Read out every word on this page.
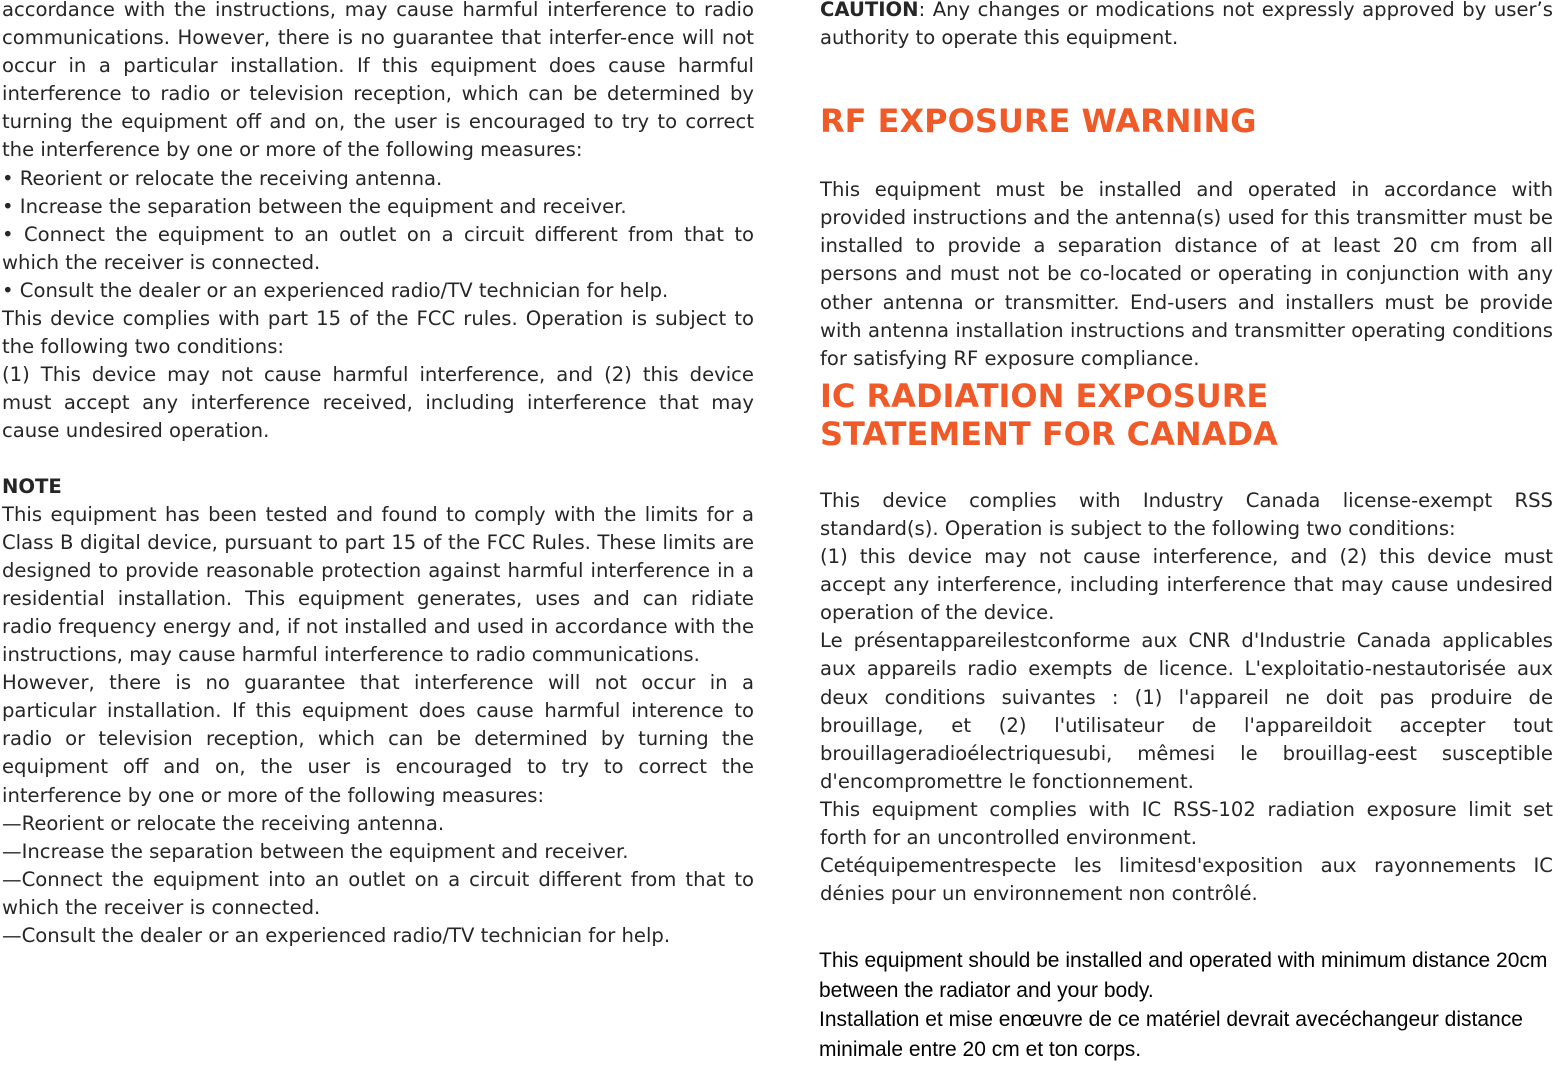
accordance with the instructions, may cause harmful interference to radio communications. However, there is no guarantee that interfer-ence will not occur in a particular installation. If this equipment does cause harmful interference to radio or television reception, which can be determined by turning the equipment off and on, the user is encouraged to try to correct the interference by one or more of the following measures:

• Reorient or relocate the receiving antenna.

• Increase the separation between the equipment and receiver.

• Connect the equipment to an outlet on a circuit different from that to which the receiver is connected.

• Consult the dealer or an experienced radio/TV technician for help.

This device complies with part 15 of the FCC rules. Operation is subject to the following two conditions:

(1) This device may not cause harmful interference, and (2) this device must accept any interference received, including interference that may cause undesired operation.

NOTE

This equipment has been tested and found to comply with the limits for a Class B digital device, pursuant to part 15 of the FCC Rules. These limits are designed to provide reasonable protection against harmful interference in a residential installation. This equipment generates, uses and can ridiate radio frequency energy and, if not installed and used in accordance with the instructions, may cause harmful interference to radio communications.

However, there is no guarantee that interference will not occur in a particular installation. If this equipment does cause harmful interence to radio or television reception, which can be determined by turning the equipment off and on, the user is encouraged to try to correct the interference by one or more of the following measures:

—Reorient or relocate the receiving antenna.

—Increase the separation between the equipment and receiver.

—Connect the equipment into an outlet on a circuit different from that to which the receiver is connected.

—Consult the dealer or an experienced radio/TV technician for help.

CAUTION: Any changes or modications not expressly approved by user’s authority to operate this equipment.

RF EXPOSURE WARNING

This equipment must be installed and operated in accordance with provided instructions and the antenna(s) used for this transmitter must be installed to provide a separation distance of at least 20 cm from all persons and must not be co-located or operating in conjunction with any other antenna or transmitter. End-users and installers must be provide with antenna installation instructions and transmitter operating conditions for satisfying RF exposure compliance.

IC RADIATION EXPOSURE

STATEMENT FOR CANADA

This device complies with Industry Canada license-exempt RSS standard(s). Operation is subject to the following two conditions:

(1) this device may not cause interference, and (2) this device must accept any interference, including interference that may cause undesired operation of the device.

Le présentappareilestconforme aux CNR d'Industrie Canada applicables aux appareils radio exempts de licence. L'exploitatio-nestautorisée aux deux conditions suivantes : (1) l'appareil ne doit pas produire de brouillage, et (2) l'utilisateur de l'appareildoit accepter tout brouillageradioélectriquesubi, mêmesi le brouillag-eest susceptible d'encompromettre le fonctionnement.

This equipment complies with IC RSS-102 radiation exposure limit set forth for an uncontrolled environment.

Cetéquipementrespecte les limitesd'exposition aux rayonnements IC dénies pour un environnement non contrôlé.

This equipment should be installed and operated with minimum distance 20cm between the radiator and your body.

Installation et mise enœuvre de ce matériel devrait avecéchangeur distance minimale entre 20 cm et ton corps.
